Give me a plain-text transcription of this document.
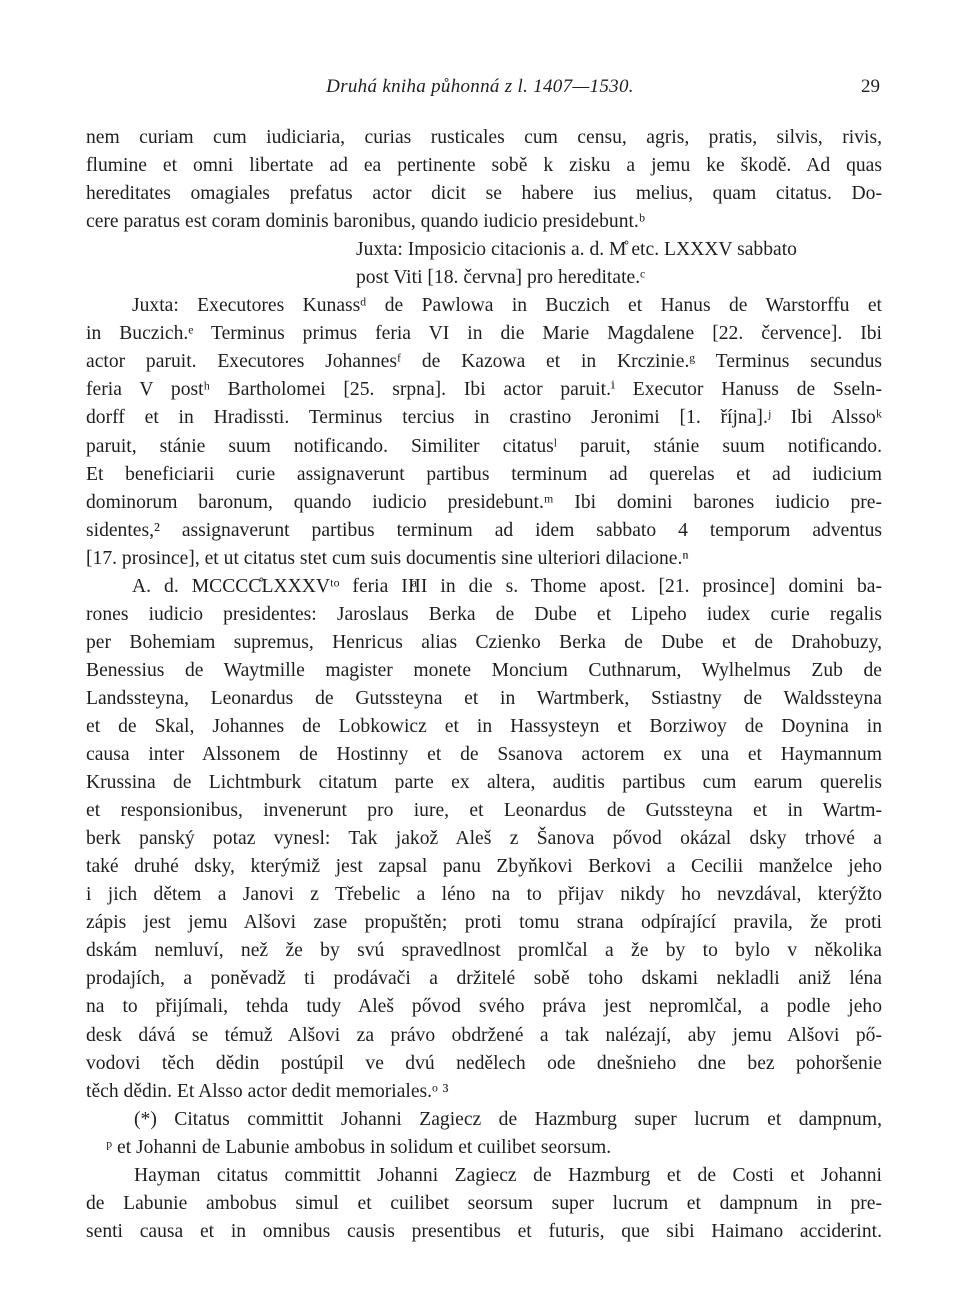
Druhá kniha půhonná z l. 1407—1530.	29
nem curiam cum iudiciaria, curias rusticales cum censu, agris, pratis, silvis, rivis,
flumine et omni libertate ad ea pertinente sobě k zisku a jemu ke škodě. Ad quas
hereditates omagiales prefatus actor dicit se habere ius melius, quam citatus. Do-
cere paratus est coram dominis baronibus, quando iudicio presidebunt.ᵇ
Juxta: Imposicio citacionis a. d. M̊ etc. LXXXV sabbato
post Viti [18. června] pro hereditate.ᶜ
Juxta: Executores Kunassᵈ de Pawlowa in Buczich et Hanus de Warstorffu et
in Buczich.ᵉ Terminus primus feria VI in die Marie Magdalene [22. července]. Ibi
actor paruit. Executores Johannesᶠ de Kazowa et in Krczinie.ᵍ Terminus secundus
feria V postʰ Bartholomei [25. srpna]. Ibi actor paruit.ⁱ Executor Hanuss de Sseln-
dorff et in Hradissti. Terminus tercius in crastino Jeronimi [1. října].ʲ Ibi Alssoᵏ
paruit, stánie suum notificando. Similiter citatusˡ paruit, stánie suum notificando.
Et beneficiarii curie assignaverunt partibus terminum ad querelas et ad iudicium
dominorum baronum, quando iudicio presidebunt.ᵐ Ibi domini barones iudicio pre-
sidentes,² assignaverunt partibus terminum ad idem sabbato 4 temporum adventus
[17. prosince], et ut citatus stet cum suis documentis sine ulteriori dilacione.ⁿ
A. d. MCCCC̊LXXXVᵗᵒ feria IIͣII in die s. Thome apost. [21. prosince] domini ba-
rones iudicio presidentes: Jaroslaus Berka de Dube et Lipeho iudex curie regalis
per Bohemiam supremus, Henricus alias Czienko Berka de Dube et de Drahobuzy,
Benessius de Waytmille magister monete Moncium Cuthnarum, Wylhelmus Zub de
Landssteyna, Leonardus de Gutssteyna et in Wartmberk, Sstiastny de Waldssteyna
et de Skal, Johannes de Lobkowicz et in Hassysteyn et Borziwoy de Doynina in
causa inter Alssonem de Hostinny et de Ssanova actorem ex una et Haymannum
Krussina de Lichtmburk citatum parte ex altera, auditis partibus cum earum querelis
et responsionibus, invenerunt pro iure, et Leonardus de Gutssteyna et in Wartm-
berk panský potaz vynesl: Tak jakož Aleš z Šanova pővod okázal dsky trhové a
také druhé dsky, kterýmiž jest zapsal panu Zbyňkovi Berkovi a Cecilii manželce jeho
i jich dětem a Janovi z Třebelic a léno na to přijav nikdy ho nevzdával, kterýžto
zápis jest jemu Alšovi zase propuštěn; proti tomu strana odpírající pravila, že proti
dskám nemluví, než že by svú spravedlnost promlčal a že by to bylo v několika
prodajích, a poněvadž ti prodávači a držitelé sobě toho dskami nekladli aniž léna
na to přijímali, tehda tudy Aleš pővod svého práva jest nepromlčal, a podle jeho
desk dává se témuž Alšovi za právo obdržené a tak nalézají, aby jemu Alšovi pő-
vodovi těch dědin postúpil ve dvú nedělech ode dnešnieho dne bez pohoršenie
těch dědin. Et Alsso actor dedit memoriales.ᵒ ³
(*) Citatus committit Johanni Zagiecz de Hazmburg super lucrum et dampnum,
ᵖ et Johanni de Labunie ambobus in solidum et cuilibet seorsum.
Hayman citatus committit Johanni Zagiecz de Hazmburg et de Costi et Johanni
de Labunie ambobus simul et cuilibet seorsum super lucrum et dampnum in pre-
senti causa et in omnibus causis presentibus et futuris, que sibi Haimano acciderint.
